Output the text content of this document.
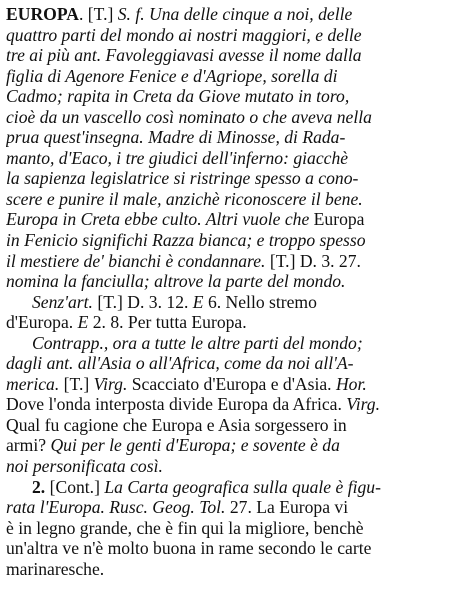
EUROPA. [T.] S. f. Una delle cinque a noi, delle
quattro parti del mondo ai nostri maggiori, e delle
tre ai più ant. Favoleggiavasi avesse il nome dalla
figlia di Agenore Fenice e d'Agriope, sorella di
Cadmo; rapita in Creta da Giove mutato in toro,
cioè da un vascello così nominato o che aveva nella
prua quest'insegna. Madre di Minosse, di Rada-
manto, d'Eaco, i tre giudici dell'inferno: giacchè
la sapienza legislatrice si ristringe spesso a cono-
scere e punire il male, anzichè riconoscere il bene.
Europa in Creta ebbe culto. Altri vuole che Europa
in Fenicio significhi Razza bianca; e troppo spesso
il mestiere de' bianchi è condannare. [T.] D. 3. 27.
nomina la fanciulla; altrove la parte del mondo.
Senz'art. [T.] D. 3. 12. E 6. Nello stremo
d'Europa. E 2. 8. Per tutta Europa.
Contrapp., ora a tutte le altre parti del mondo;
dagli ant. all'Asia o all'Africa, come da noi all'A-
merica. [T.] Virg. Scacciato d'Europa e d'Asia. Hor.
Dove l'onda interposta divide Europa da Africa. Virg.
Qual fu cagione che Europa e Asia sorgessero in
armi? Qui per le genti d'Europa; e sovente è da
noi personificata così.
2. [Cont.] La Carta geografica sulla quale è figu-
rata l'Europa. Rusc. Geog. Tol. 27. La Europa vi
è in legno grande, che è fin qui la migliore, benchè
un'altra ve n'è molto buona in rame secondo le carte
marinaresche.
